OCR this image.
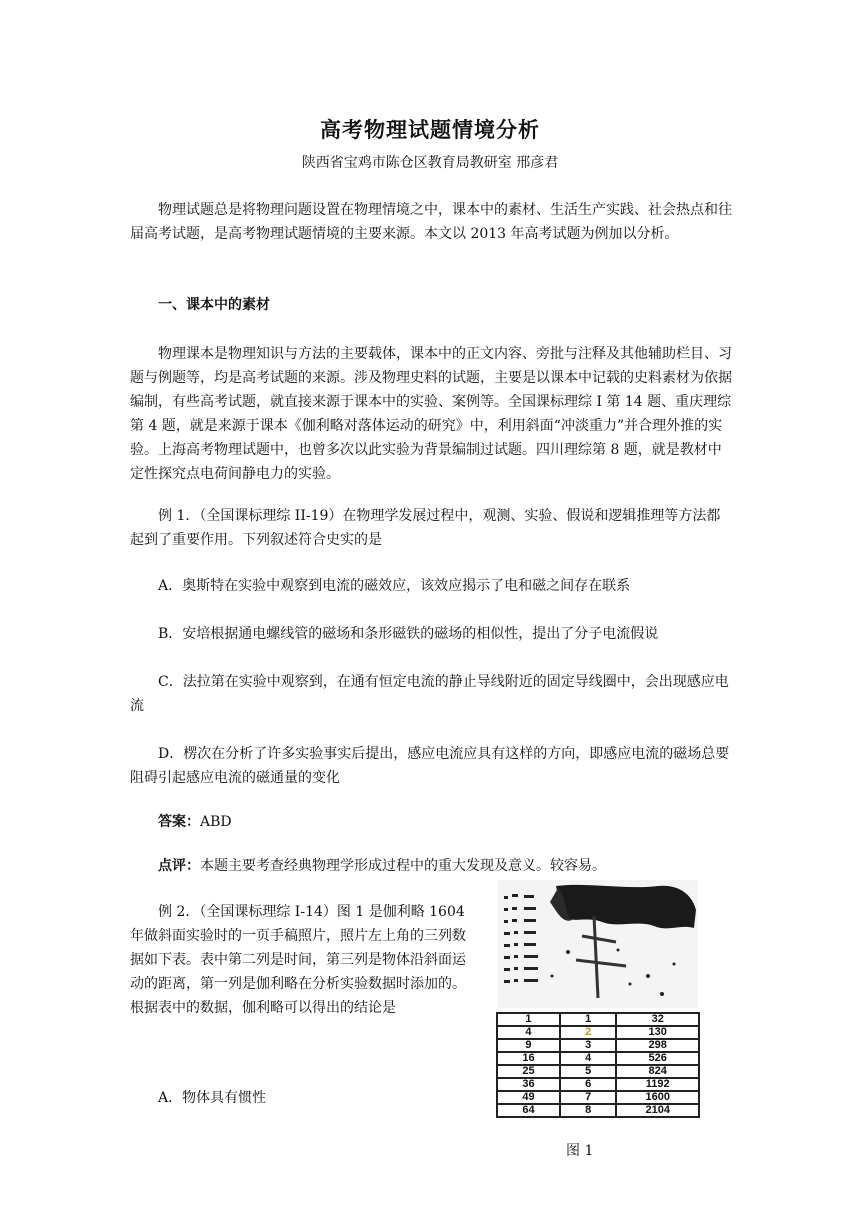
高考物理试题情境分析
陕西省宝鸡市陈仓区教育局教研室 邢彦君

物理试题总是将物理问题设置在物理情境之中，课本中的素材、生活生产实践、社会热点和往届高考试题，是高考物理试题情境的主要来源。本文以 2013 年高考试题为例加以分析。

一、课本中的素材

物理课本是物理知识与方法的主要载体，课本中的正文内容、旁批与注释及其他辅助栏目、习题与例题等，均是高考试题的来源。涉及物理史料的试题，主要是以课本中记载的史料素材为依据编制，有些高考试题，就直接来源于课本中的实验、案例等。全国课标理综 I 第 14 题、重庆理综第 4 题，就是来源于课本《伽利略对落体运动的研究》中，利用斜面“冲淡重力”并合理外推的实验。上海高考物理试题中，也曾多次以此实验为背景编制过试题。四川理综第 8 题，就是教材中定性探究点电荷间静电力的实验。

例 1．（全国课标理综 II-19）在物理学发展过程中，观测、实验、假说和逻辑推理等方法都起到了重要作用。下列叙述符合史实的是

A．奥斯特在实验中观察到电流的磁效应，该效应揭示了电和磁之间存在联系

B．安培根据通电螺线管的磁场和条形磁铁的磁场的相似性，提出了分子电流假说

C．法拉第在实验中观察到，在通有恒定电流的静止导线附近的固定导线圈中，会出现感应电流

D．楞次在分析了许多实验事实后提出，感应电流应具有这样的方向，即感应电流的磁场总要阻碍引起感应电流的磁通量的变化

答案：ABD

点评：本题主要考查经典物理学形成过程中的重大发现及意义。较容易。

例 2．（全国课标理综 I-14）图 1 是伽利略 1604 年做斜面实验时的一页手稿照片，照片左上角的三列数据如下表。表中第二列是时间，第三列是物体沿斜面运动的距离，第一列是伽利略在分析实验数据时添加的。根据表中的数据，伽利略可以得出的结论是

A．物体具有惯性

1	1	32
4	2	130
9	3	298
16	4	526
25	5	824
36	6	1192
49	7	1600
64	8	2104
图 1
